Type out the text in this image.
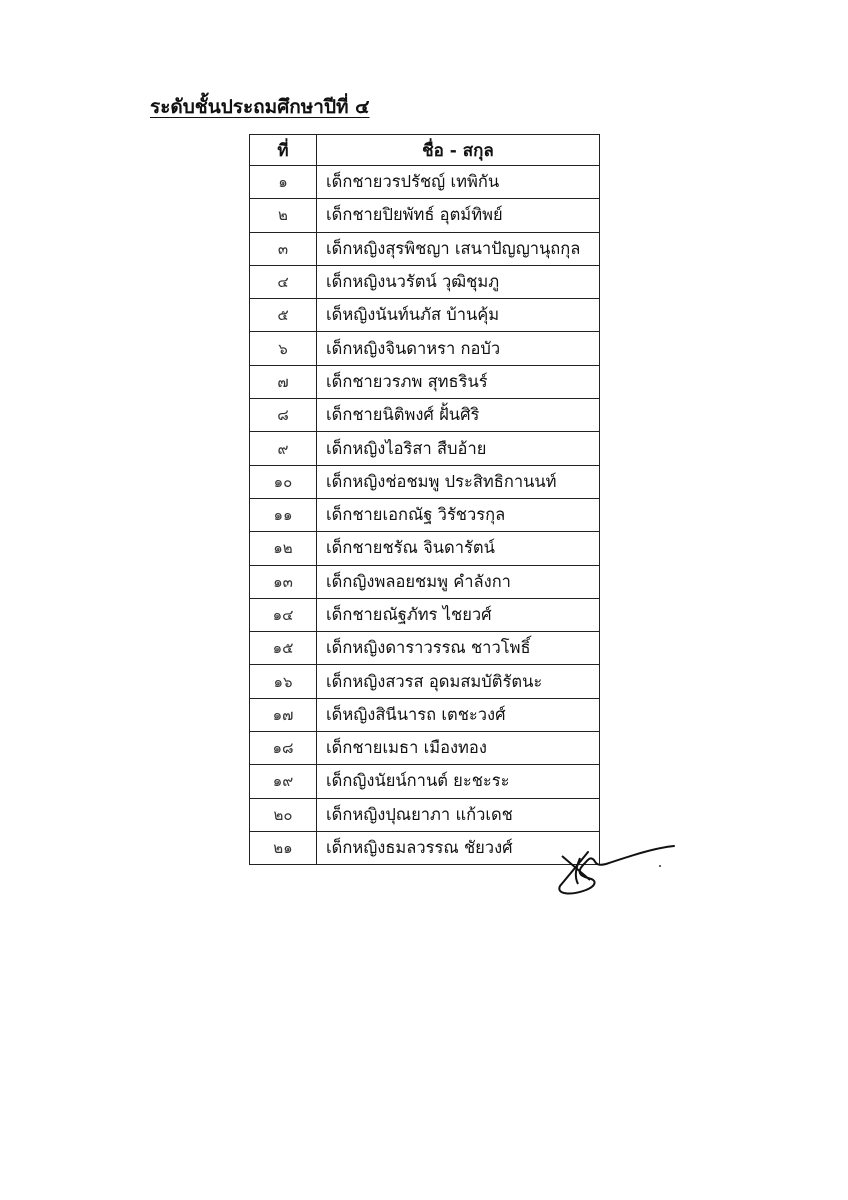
ระดับชั้นประถมศึกษาปีที่ ๔
ที่	ชื่อ - สกุล
๑	เด็กชายวรปรัชญ์ เทพิกัน
๒	เด็กชายปิยพัทธ์ อุตม์ทิพย์
๓	เด็กหญิงสุรพิชญา เสนาปัญญานุถกุล
๔	เด็กหญิงนวรัตน์ วุฒิชุมภู
๕	เด็หญิงนันท์นภัส บ้านคุ้ม
๖	เด็กหญิงจินดาหรา กอบัว
๗	เด็กชายวรภพ สุทธรินร์
๘	เด็กชายนิติพงศ์ ฝั้นศิริ
๙	เด็กหญิงไอริสา สืบอ้าย
๑๐	เด็กหญิงช่อชมพู ประสิทธิกานนท์
๑๑	เด็กชายเอกณัฐ วิรัชวรกุล
๑๒	เด็กชายชรัณ จินดารัตน์
๑๓	เด็กญิงพลอยชมพู คำลังกา
๑๔	เด็กชายณัฐภัทร ไชยวศ์
๑๕	เด็กหญิงดาราวรรณ ชาวโพธิ์
๑๖	เด็กหญิงสวรส อุดมสมบัติรัตนะ
๑๗	เด็หญิงสินีนารถ เตชะวงศ์
๑๘	เด็กชายเมธา เมืองทอง
๑๙	เด็กญิงนัยน์กานต์ ยะชะระ
๒๐	เด็กหญิงปุณยาภา แก้วเดช
๒๑	เด็กหญิงธมลวรรณ ชัยวงศ์
